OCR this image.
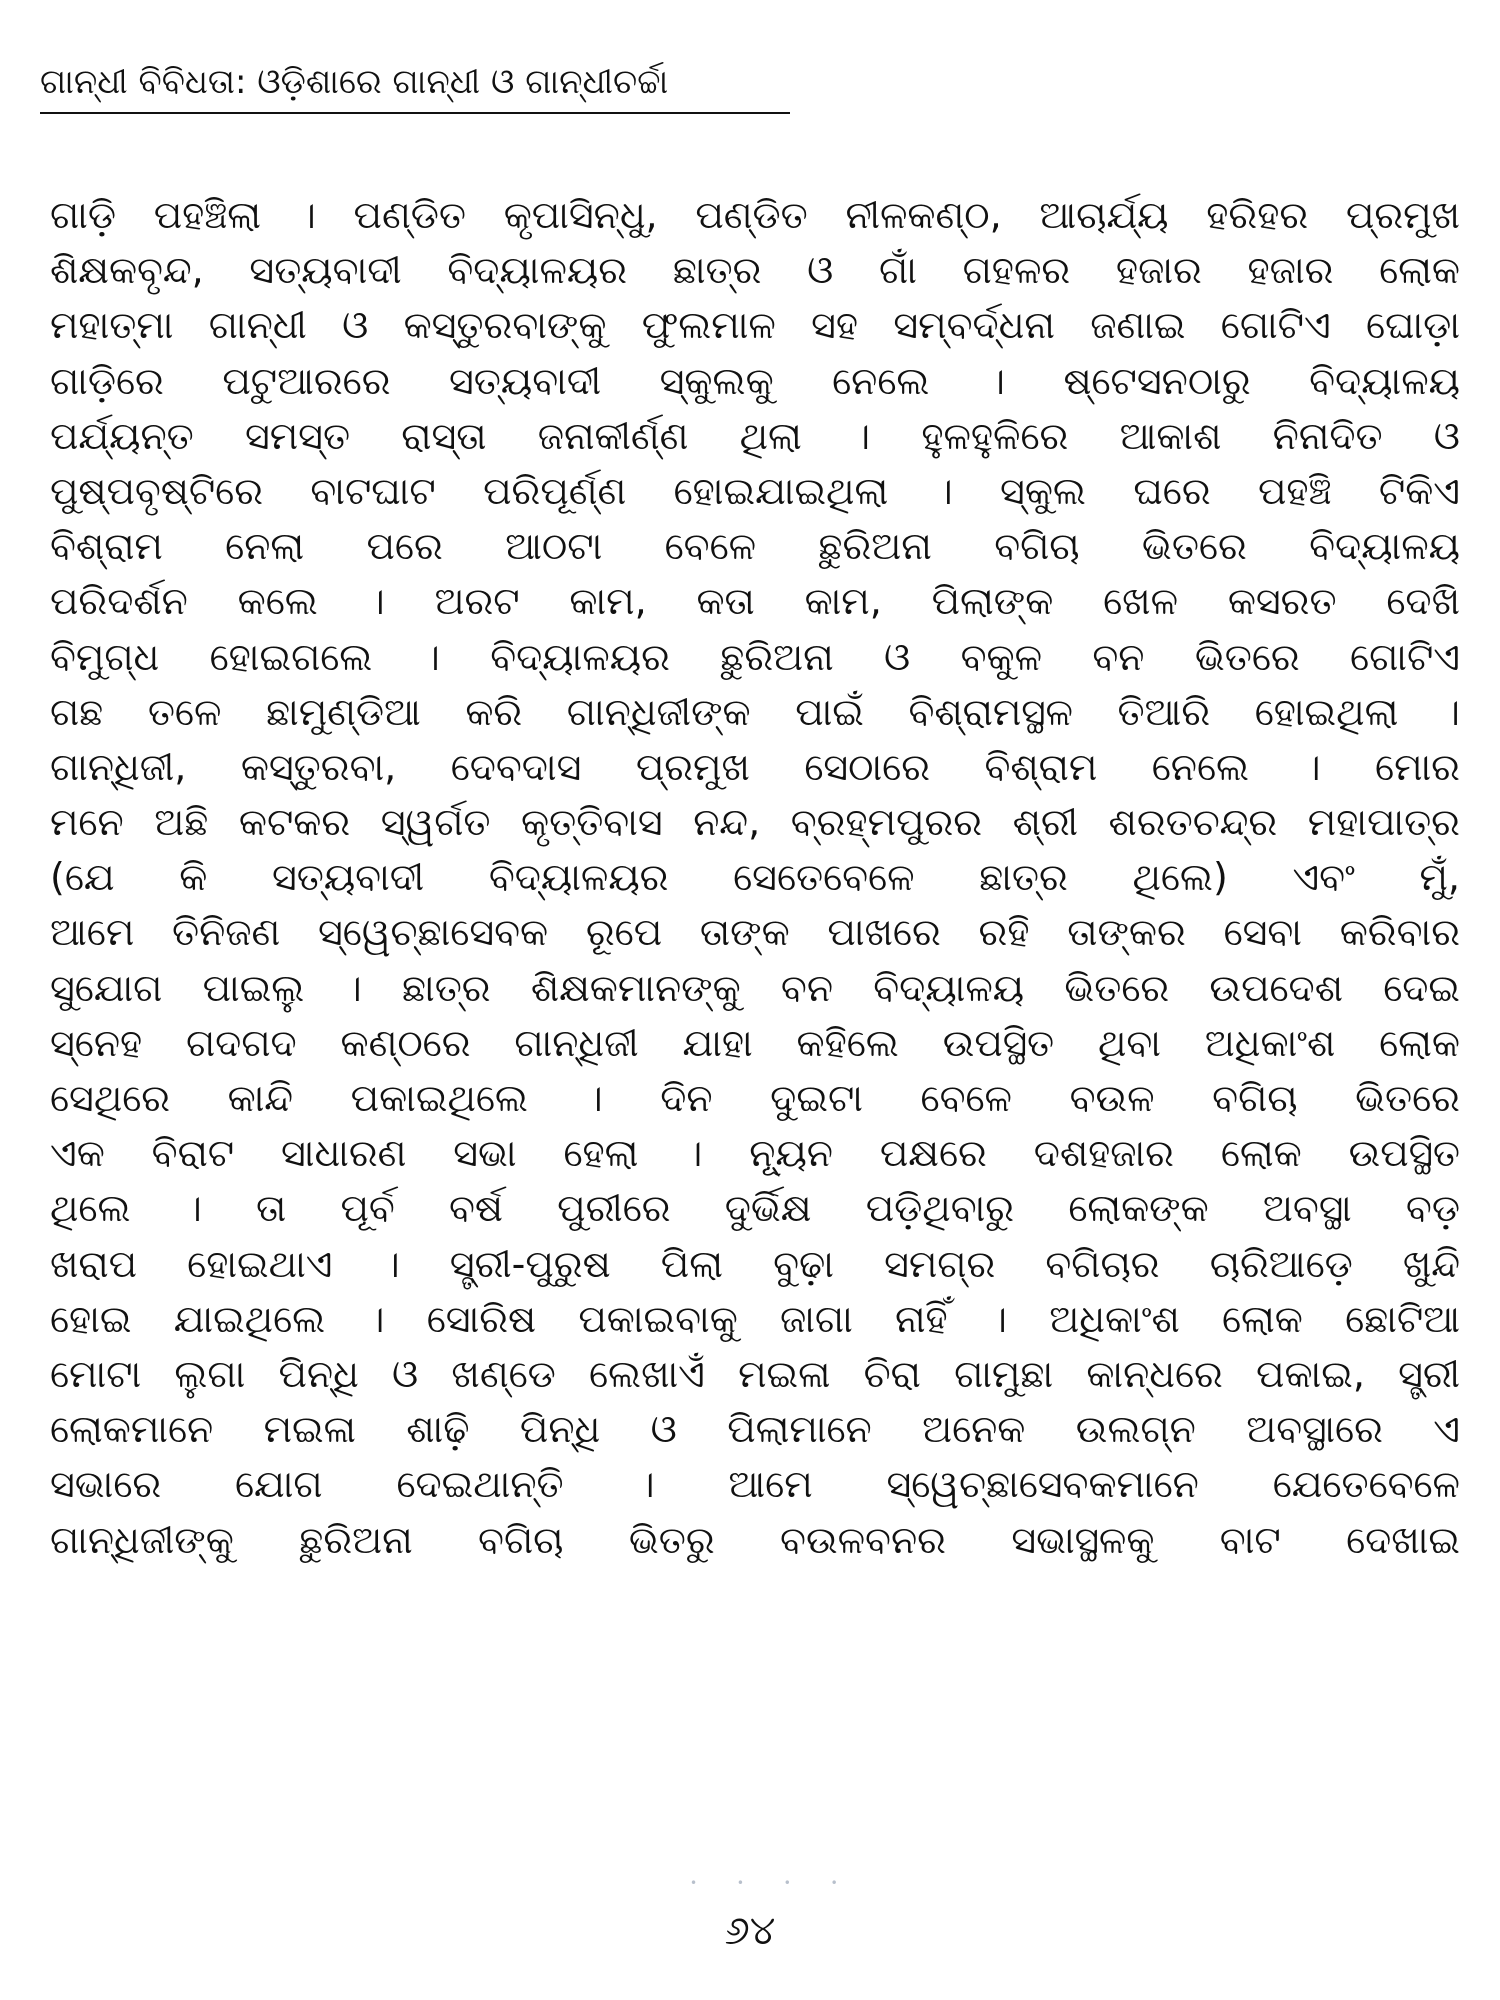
ଗାନ୍ଧୀ ବିବିଧତା: ଓଡ଼ିଶାରେ ଗାନ୍ଧୀ ଓ ଗାନ୍ଧୀଚର୍ଚ୍ଚା
ଗାଡ଼ି ପହଞ୍ଚିଲା । ପଣ୍ଡିତ କୃପାସିନ୍ଧୁ, ପଣ୍ଡିତ ନୀଳକଣ୍ଠ, ଆଚାର୍ଯ୍ୟ ହରିହର ପ୍ରମୁଖ
ଶିକ୍ଷକବୃନ୍ଦ, ସତ୍ୟବାଦୀ ବିଦ୍ୟାଳୟର ଛାତ୍ର ଓ ଗାଁ ଗହଳର ହଜାର ହଜାର ଲୋକ
ମହାତ୍ମା ଗାନ୍ଧୀ ଓ କସ୍ତୁରବାଙ୍କୁ ଫୁଲମାଳ ସହ ସମ୍ବର୍ଦ୍ଧନା ଜଣାଇ ଗୋଟିଏ ଘୋଡ଼ା
ଗାଡ଼ିରେ ପଟୁଆରରେ ସତ୍ୟବାଦୀ ସ୍କୁଲକୁ ନେଲେ । ଷ୍ଟେସନଠାରୁ ବିଦ୍ୟାଳୟ
ପର୍ଯ୍ୟନ୍ତ ସମସ୍ତ ରାସ୍ତା ଜନାକୀର୍ଣ୍ଣ ଥିଲା । ହୁଳହୁଳିରେ ଆକାଶ ନିନାଦିତ ଓ
ପୁଷ୍ପବୃଷ୍ଟିରେ ବାଟଘାଟ ପରିପୂର୍ଣ୍ଣ ହୋଇଯାଇଥିଲା । ସ୍କୁଲ ଘରେ ପହଞ୍ଚି ଟିକିଏ
ବିଶ୍ରାମ ନେଲା ପରେ ଆଠଟା ବେଳେ ଛୁରିଅନା ବଗିଚା ଭିତରେ ବିଦ୍ୟାଳୟ
ପରିଦର୍ଶନ କଲେ । ଅରଟ କାମ, କତା କାମ, ପିଲାଙ୍କ ଖେଳ କସରତ ଦେଖି
ବିମୁଗ୍ଧ ହୋଇଗଲେ । ବିଦ୍ୟାଳୟର ଛୁରିଅନା ଓ ବକୁଳ ବନ ଭିତରେ ଗୋଟିଏ
ଗଛ ତଳେ ଛାମୁଣ୍ଡିଆ କରି ଗାନ୍ଧିଜୀଙ୍କ ପାଇଁ ବିଶ୍ରାମସ୍ଥଳ ତିଆରି ହୋଇଥିଲା ।
ଗାନ୍ଧିଜୀ, କସ୍ତୁରବା, ଦେବଦାସ ପ୍ରମୁଖ ସେଠାରେ ବିଶ୍ରାମ ନେଲେ । ମୋର
ମନେ ଅଛି କଟକର ସ୍ୱର୍ଗତ କୃତ୍ତିବାସ ନନ୍ଦ, ବ୍ରହ୍ମପୁରର ଶ୍ରୀ ଶରତଚନ୍ଦ୍ର ମହାପାତ୍ର
(ଯେ କି ସତ୍ୟବାଦୀ ବିଦ୍ୟାଳୟର ସେତେବେଳେ ଛାତ୍ର ଥିଲେ) ଏବଂ ମୁଁ,
ଆମେ ତିନିଜଣ ସ୍ୱେଚ୍ଛାସେବକ ରୂପେ ତାଙ୍କ ପାଖରେ ରହି ତାଙ୍କର ସେବା କରିବାର
ସୁଯୋଗ ପାଇଲୁ । ଛାତ୍ର ଶିକ୍ଷକମାନଙ୍କୁ ବନ ବିଦ୍ୟାଳୟ ଭିତରେ ଉପଦେଶ ଦେଇ
ସ୍ନେହ ଗଦଗଦ କଣ୍ଠରେ ଗାନ୍ଧିଜୀ ଯାହା କହିଲେ ଉପସ୍ଥିତ ଥିବା ଅଧିକାଂଶ ଲୋକ
ସେଥିରେ କାନ୍ଦି ପକାଇଥିଲେ । ଦିନ ଦୁଇଟା ବେଳେ ବଉଳ ବଗିଚା ଭିତରେ
ଏକ ବିରାଟ ସାଧାରଣ ସଭା ହେଲା । ନ୍ୟୂନ ପକ୍ଷରେ ଦଶହଜାର ଲୋକ ଉପସ୍ଥିତ
ଥିଲେ । ତା ପୂର୍ବ ବର୍ଷ ପୁରୀରେ ଦୁର୍ଭିକ୍ଷ ପଡ଼ିଥିବାରୁ ଲୋକଙ୍କ ଅବସ୍ଥା ବଡ଼
ଖରାପ ହୋଇଥାଏ । ସ୍ତ୍ରୀ-ପୁରୁଷ ପିଲା ବୁଢ଼ା ସମଗ୍ର ବଗିଚାର ଚାରିଆଡ଼େ ଖୁନ୍ଦି
ହୋଇ ଯାଇଥିଲେ । ସୋରିଷ ପକାଇବାକୁ ଜାଗା ନାହିଁ । ଅଧିକାଂଶ ଲୋକ ଛୋଟିଆ
ମୋଟା ଲୁଗା ପିନ୍ଧି ଓ ଖଣ୍ଡେ ଲେଖାଏଁ ମଇଳା ଚିରା ଗାମୁଛା କାନ୍ଧରେ ପକାଇ, ସ୍ତ୍ରୀ
ଲୋକମାନେ ମଇଳା ଶାଢ଼ି ପିନ୍ଧି ଓ ପିଲାମାନେ ଅନେକ ଉଲଗ୍ନ ଅବସ୍ଥାରେ ଏ
ସଭାରେ ଯୋଗ ଦେଇଥାନ୍ତି । ଆମେ ସ୍ୱେଚ୍ଛାସେବକମାନେ ଯେତେବେଳେ
ଗାନ୍ଧିଜୀଙ୍କୁ ଛୁରିଅନା ବଗିଚା ଭିତରୁ ବଉଳବନର ସଭାସ୍ଥଳକୁ ବାଟ ଦେଖାଇ
• • • •
୬୪
